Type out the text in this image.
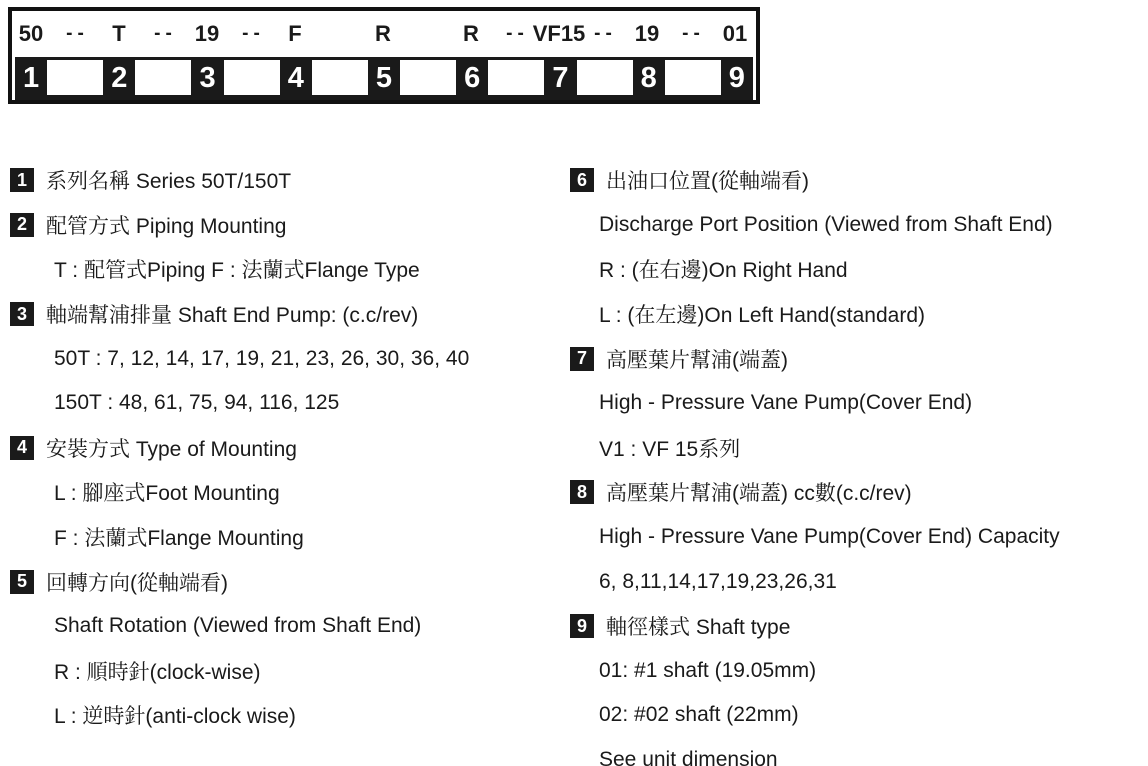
50	--	T	-- 19	--	F	R	R	-- VF15 -- 19	-- 01
1 2 3 4 5 6 7 8 9
1 系列名稱 Series 50T/150T
2 配管方式 Piping Mounting
T : 配管式Piping F : 法蘭式Flange Type
3 軸端幫浦排量 Shaft End Pump: (c.c/rev)
50T : 7, 12, 14, 17, 19, 21, 23, 26, 30, 36, 40
150T : 48, 61, 75, 94, 116, 125
4 安裝方式 Type of Mounting
L : 腳座式Foot Mounting
F : 法蘭式Flange Mounting
5 回轉方向(從軸端看)
Shaft Rotation (Viewed from Shaft End)
R : 順時針(clock-wise)
L : 逆時針(anti-clock wise)
6 出油口位置(從軸端看)
Discharge Port Position (Viewed from Shaft End)
R : (在右邊)On Right Hand
L : (在左邊)On Left Hand(standard)
7 高壓葉片幫浦(端蓋)
High - Pressure Vane Pump(Cover End)
V1 : VF 15系列
8 高壓葉片幫浦(端蓋) cc數(c.c/rev)
High - Pressure Vane Pump(Cover End) Capacity
6, 8,11,14,17,19,23,26,31
9 軸徑樣式 Shaft type
01: #1 shaft (19.05mm)
02: #02 shaft (22mm)
See unit dimension
